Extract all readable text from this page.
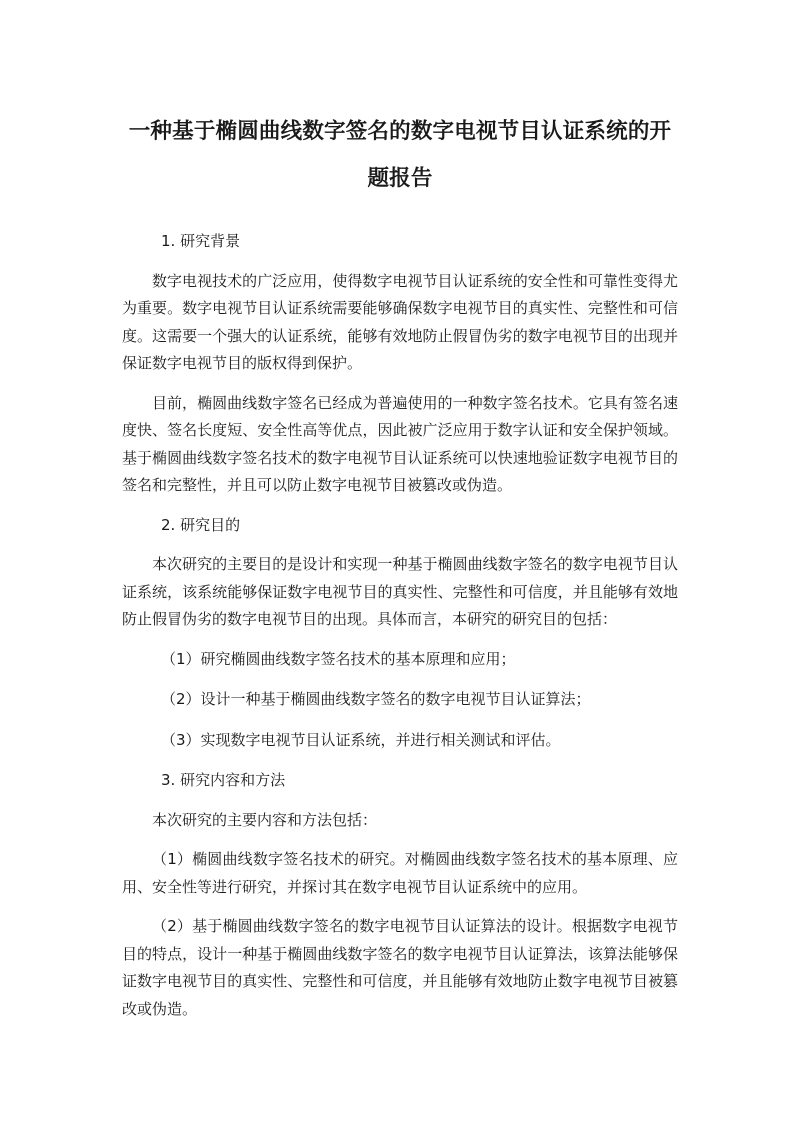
一种基于椭圆曲线数字签名的数字电视节目认证系统的开题报告

1. 研究背景

数字电视技术的广泛应用，使得数字电视节目认证系统的安全性和可靠性变得尤为重要。数字电视节目认证系统需要能够确保数字电视节目的真实性、完整性和可信度。这需要一个强大的认证系统，能够有效地防止假冒伪劣的数字电视节目的出现并保证数字电视节目的版权得到保护。

目前，椭圆曲线数字签名已经成为普遍使用的一种数字签名技术。它具有签名速度快、签名长度短、安全性高等优点，因此被广泛应用于数字认证和安全保护领域。基于椭圆曲线数字签名技术的数字电视节目认证系统可以快速地验证数字电视节目的签名和完整性，并且可以防止数字电视节目被篡改或伪造。

2. 研究目的

本次研究的主要目的是设计和实现一种基于椭圆曲线数字签名的数字电视节目认证系统，该系统能够保证数字电视节目的真实性、完整性和可信度，并且能够有效地防止假冒伪劣的数字电视节目的出现。具体而言，本研究的研究目的包括：

（1）研究椭圆曲线数字签名技术的基本原理和应用；

（2）设计一种基于椭圆曲线数字签名的数字电视节目认证算法；

（3）实现数字电视节目认证系统，并进行相关测试和评估。

3. 研究内容和方法

本次研究的主要内容和方法包括：

（1）椭圆曲线数字签名技术的研究。对椭圆曲线数字签名技术的基本原理、应用、安全性等进行研究，并探讨其在数字电视节目认证系统中的应用。

（2）基于椭圆曲线数字签名的数字电视节目认证算法的设计。根据数字电视节目的特点，设计一种基于椭圆曲线数字签名的数字电视节目认证算法，该算法能够保证数字电视节目的真实性、完整性和可信度，并且能够有效地防止数字电视节目被篡改或伪造。
